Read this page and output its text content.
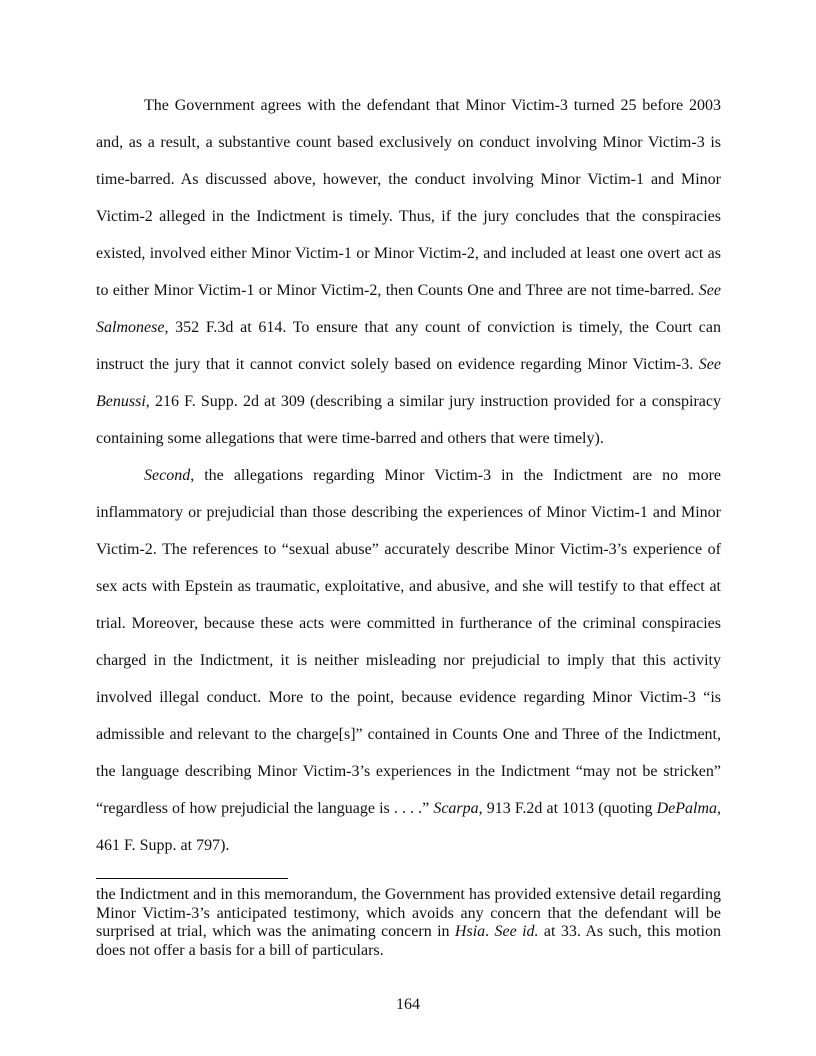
The Government agrees with the defendant that Minor Victim-3 turned 25 before 2003 and, as a result, a substantive count based exclusively on conduct involving Minor Victim-3 is time-barred. As discussed above, however, the conduct involving Minor Victim-1 and Minor Victim-2 alleged in the Indictment is timely. Thus, if the jury concludes that the conspiracies existed, involved either Minor Victim-1 or Minor Victim-2, and included at least one overt act as to either Minor Victim-1 or Minor Victim-2, then Counts One and Three are not time-barred. See Salmonese, 352 F.3d at 614. To ensure that any count of conviction is timely, the Court can instruct the jury that it cannot convict solely based on evidence regarding Minor Victim-3. See Benussi, 216 F. Supp. 2d at 309 (describing a similar jury instruction provided for a conspiracy containing some allegations that were time-barred and others that were timely).

Second, the allegations regarding Minor Victim-3 in the Indictment are no more inflammatory or prejudicial than those describing the experiences of Minor Victim-1 and Minor Victim-2. The references to “sexual abuse” accurately describe Minor Victim-3’s experience of sex acts with Epstein as traumatic, exploitative, and abusive, and she will testify to that effect at trial. Moreover, because these acts were committed in furtherance of the criminal conspiracies charged in the Indictment, it is neither misleading nor prejudicial to imply that this activity involved illegal conduct. More to the point, because evidence regarding Minor Victim-3 “is admissible and relevant to the charge[s]” contained in Counts One and Three of the Indictment, the language describing Minor Victim-3’s experiences in the Indictment “may not be stricken” “regardless of how prejudicial the language is . . . .” Scarpa, 913 F.2d at 1013 (quoting DePalma, 461 F. Supp. at 797).

the Indictment and in this memorandum, the Government has provided extensive detail regarding Minor Victim-3’s anticipated testimony, which avoids any concern that the defendant will be surprised at trial, which was the animating concern in Hsia. See id. at 33. As such, this motion does not offer a basis for a bill of particulars.

164
